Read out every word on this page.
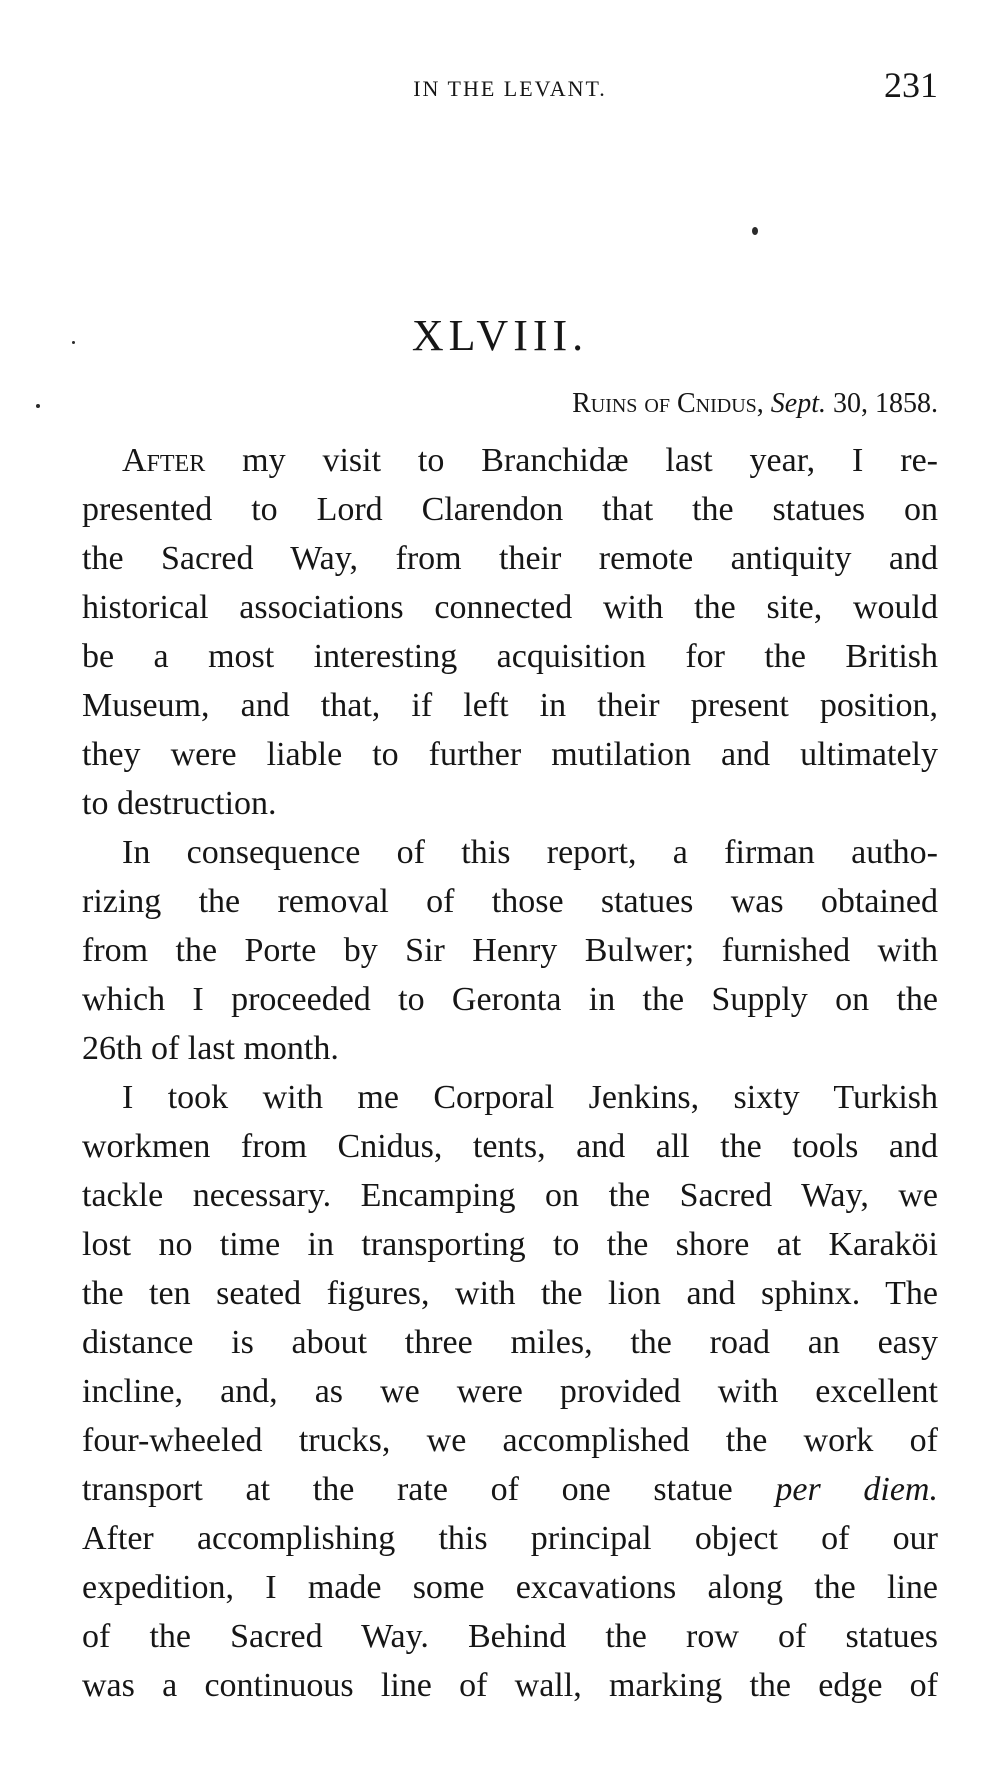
IN THE LEVANT.	231
XLVIII.
Ruins of Cnidus, Sept. 30, 1858.
After my visit to Branchidæ last year, I re-
presented to Lord Clarendon that the statues on
the Sacred Way, from their remote antiquity and
historical associations connected with the site, would
be a most interesting acquisition for the British
Museum, and that, if left in their present position,
they were liable to further mutilation and ultimately
to destruction.
In consequence of this report, a firman autho-
rizing the removal of those statues was obtained
from the Porte by Sir Henry Bulwer; furnished with
which I proceeded to Geronta in the Supply on the
26th of last month.
I took with me Corporal Jenkins, sixty Turkish
workmen from Cnidus, tents, and all the tools and
tackle necessary. Encamping on the Sacred Way, we
lost no time in transporting to the shore at Karaköi
the ten seated figures, with the lion and sphinx. The
distance is about three miles, the road an easy
incline, and, as we were provided with excellent
four-wheeled trucks, we accomplished the work of
transport at the rate of one statue per diem.
After accomplishing this principal object of our
expedition, I made some excavations along the line
of the Sacred Way. Behind the row of statues
was a continuous line of wall, marking the edge of
